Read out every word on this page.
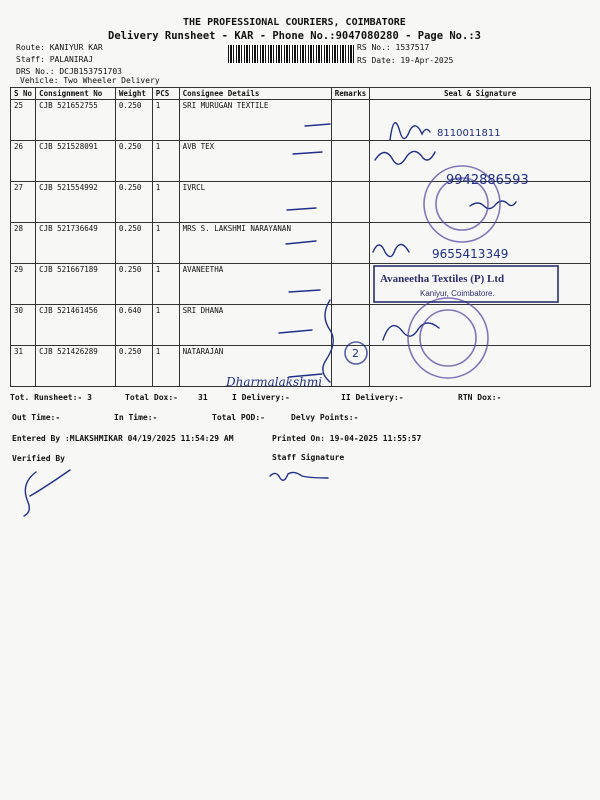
THE PROFESSIONAL COURIERS, COIMBATORE
Delivery Runsheet - KAR - Phone No.:9047080280 - Page No.:3
Route: KANIYUR KAR
Staff: PALANIRAJ
DRS No.: DCJB153751703
Vehicle: Two Wheeler Delivery
RS No.: 1537517
RS Date: 19-Apr-2025
S No	Consignment No	Weight	PCS	Consignee Details	Remarks	Seal & Signature
25	CJB 521652755	0.250	1	SRI MURUGAN TEXTILE		
26	CJB 521528091	0.250	1	AVB TEX		
27	CJB 521554992	0.250	1	IVRCL		
28	CJB 521736649	0.250	1	MRS S. LAKSHMI NARAYANAN		
29	CJB 521667189	0.250	1	AVANEETHA		
30	CJB 521461456	0.640	1	SRI DHANA		
31	CJB 521426289	0.250	1	NATARAJAN		
Avaneetha Textiles (P) Ltd
Kaniyur, Coimbatore.
8110011811
9942886593
9655413349
Dharmalakshmi
2
Tot. Runsheet:- 3	Total Dox:-	31	I Delivery:-	II Delivery:-	RTN Dox:-
Out Time:-	In Time:-	Total POD:-	Delvy Points:-
Entered By :MLAKSHMIKAR 04/19/2025 11:54:29 AM	Printed On: 19-04-2025 11:55:57
Verified By	Staff Signature
